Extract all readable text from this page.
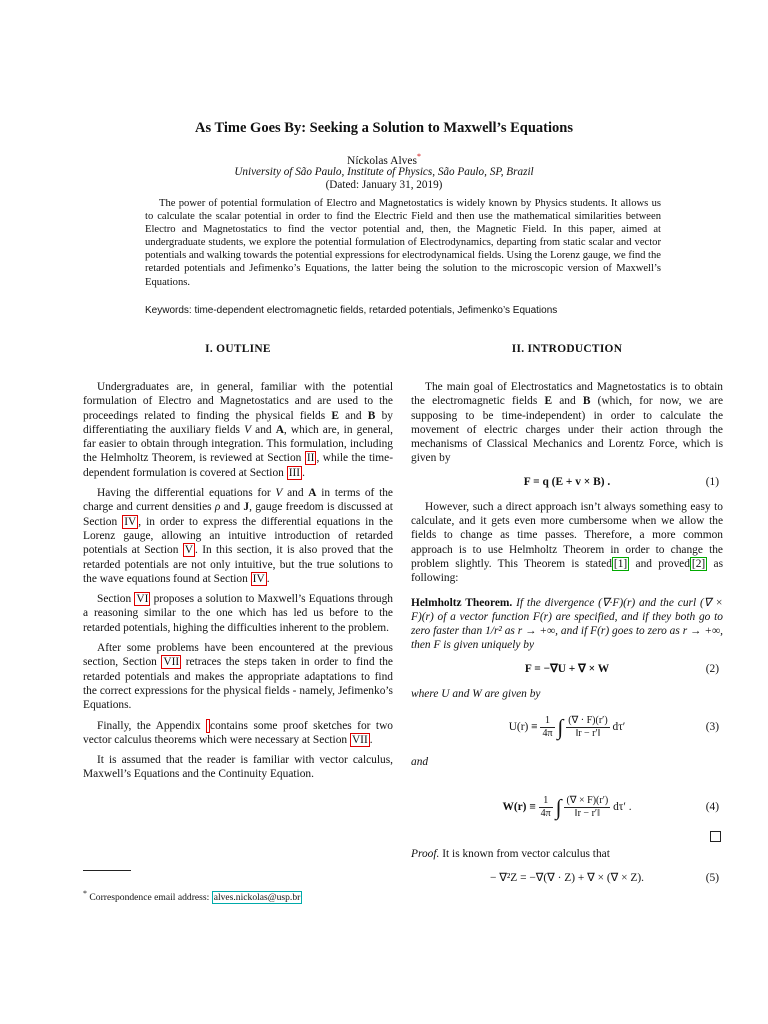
As Time Goes By: Seeking a Solution to Maxwell’s Equations
Níckolas Alves*
University of São Paulo, Institute of Physics, São Paulo, SP, Brazil
(Dated: January 31, 2019)
The power of potential formulation of Electro and Magnetostatics is widely known by Physics students. It allows us to calculate the scalar potential in order to find the Electric Field and then use the mathematical similarities between Electro and Magnetostatics to find the vector potential and, then, the Magnetic Field. In this paper, aimed at undergraduate students, we explore the potential formulation of Electrodynamics, departing from static scalar and vector potentials and walking towards the potential expressions for electrodynamical fields. Using the Lorenz gauge, we find the retarded potentials and Jefimenko’s Equations, the latter being the solution to the microscopic version of Maxwell’s Equations.
Keywords: time-dependent electromagnetic fields, retarded potentials, Jefimenko’s Equations
I. OUTLINE

Undergraduates are, in general, familiar with the potential formulation of Electro and Magnetostatics and are used to the proceedings related to finding the physical fields E and B by differentiating the auxiliary fields V and A, which are, in general, far easier to obtain through integration. This formulation, including the Helmholtz Theorem, is reviewed at Section II , while the time-dependent formulation is covered at Section III .

Having the differential equations for V and A in terms of the charge and current densities ρ and J, gauge freedom is discussed at Section IV , in order to express the differential equations in the Lorenz gauge, allowing an intuitive introduction of retarded potentials at Section V . In this section, it is also proved that the retarded potentials are not only intuitive, but the true solutions to the wave equations found at Section IV .

Section VI proposes a solution to Maxwell’s Equations through a reasoning similar to the one which has led us before to the retarded potentials, highing the difficulties inherent to the problem.

After some problems have been encountered at the previous section, Section VII retraces the steps taken in order to find the retarded potentials and makes the appropriate adaptations to find the correct expressions for the physical fields - namely, Jefimenko’s Equations.

Finally, the Appendix contains some proof sketches for two vector calculus theorems which were necessary at Section VII .

It is assumed that the reader is familiar with vector calculus, Maxwell’s Equations and the Continuity Equation.

II. INTRODUCTION

The main goal of Electrostatics and Magnetostatics is to obtain the electromagnetic fields E and B (which, for now, we are supposing to be time-independent) in order to calculate the movement of electric charges under their action through the mechanisms of Classical Mechanics and Lorentz Force, which is given by

F = q (E + v × B) .	(1)

However, such a direct approach isn’t always something easy to calculate, and it gets even more cumbersome when we allow the fields to change as time passes. Therefore, a more common approach is to use Helmholtz Theorem in order to change the problem slightly. This Theorem is stated [1] and proved [2] as following:

Helmholtz Theorem. If the divergence (∇·F)(r) and the curl (∇ × F)(r) of a vector function F(r) are specified, and if they both go to zero faster than 1/r² as r → +∞, and if F(r) goes to zero as r → +∞, then F is given uniquely by

F = −∇U + ∇ × W	(2)

where U and W are given by

$U(r) \equiv \frac{1}{4\pi}$ ∫ $\frac{(\nabla \cdot F)(r')}{‖r - r'‖} d\tau'$	(3)

and

$W(r) \equiv \frac{1}{4\pi}$ ∫ $\frac{(\nabla \times F)(r')}{‖r - r'‖} d\tau'$ .	(4)

Proof. It is known from vector calculus that

− ∇²Z = −∇(∇ · Z) + ∇ × (∇ × Z).	(5)
* Correspondence email address: alves.nickolas@usp.br
